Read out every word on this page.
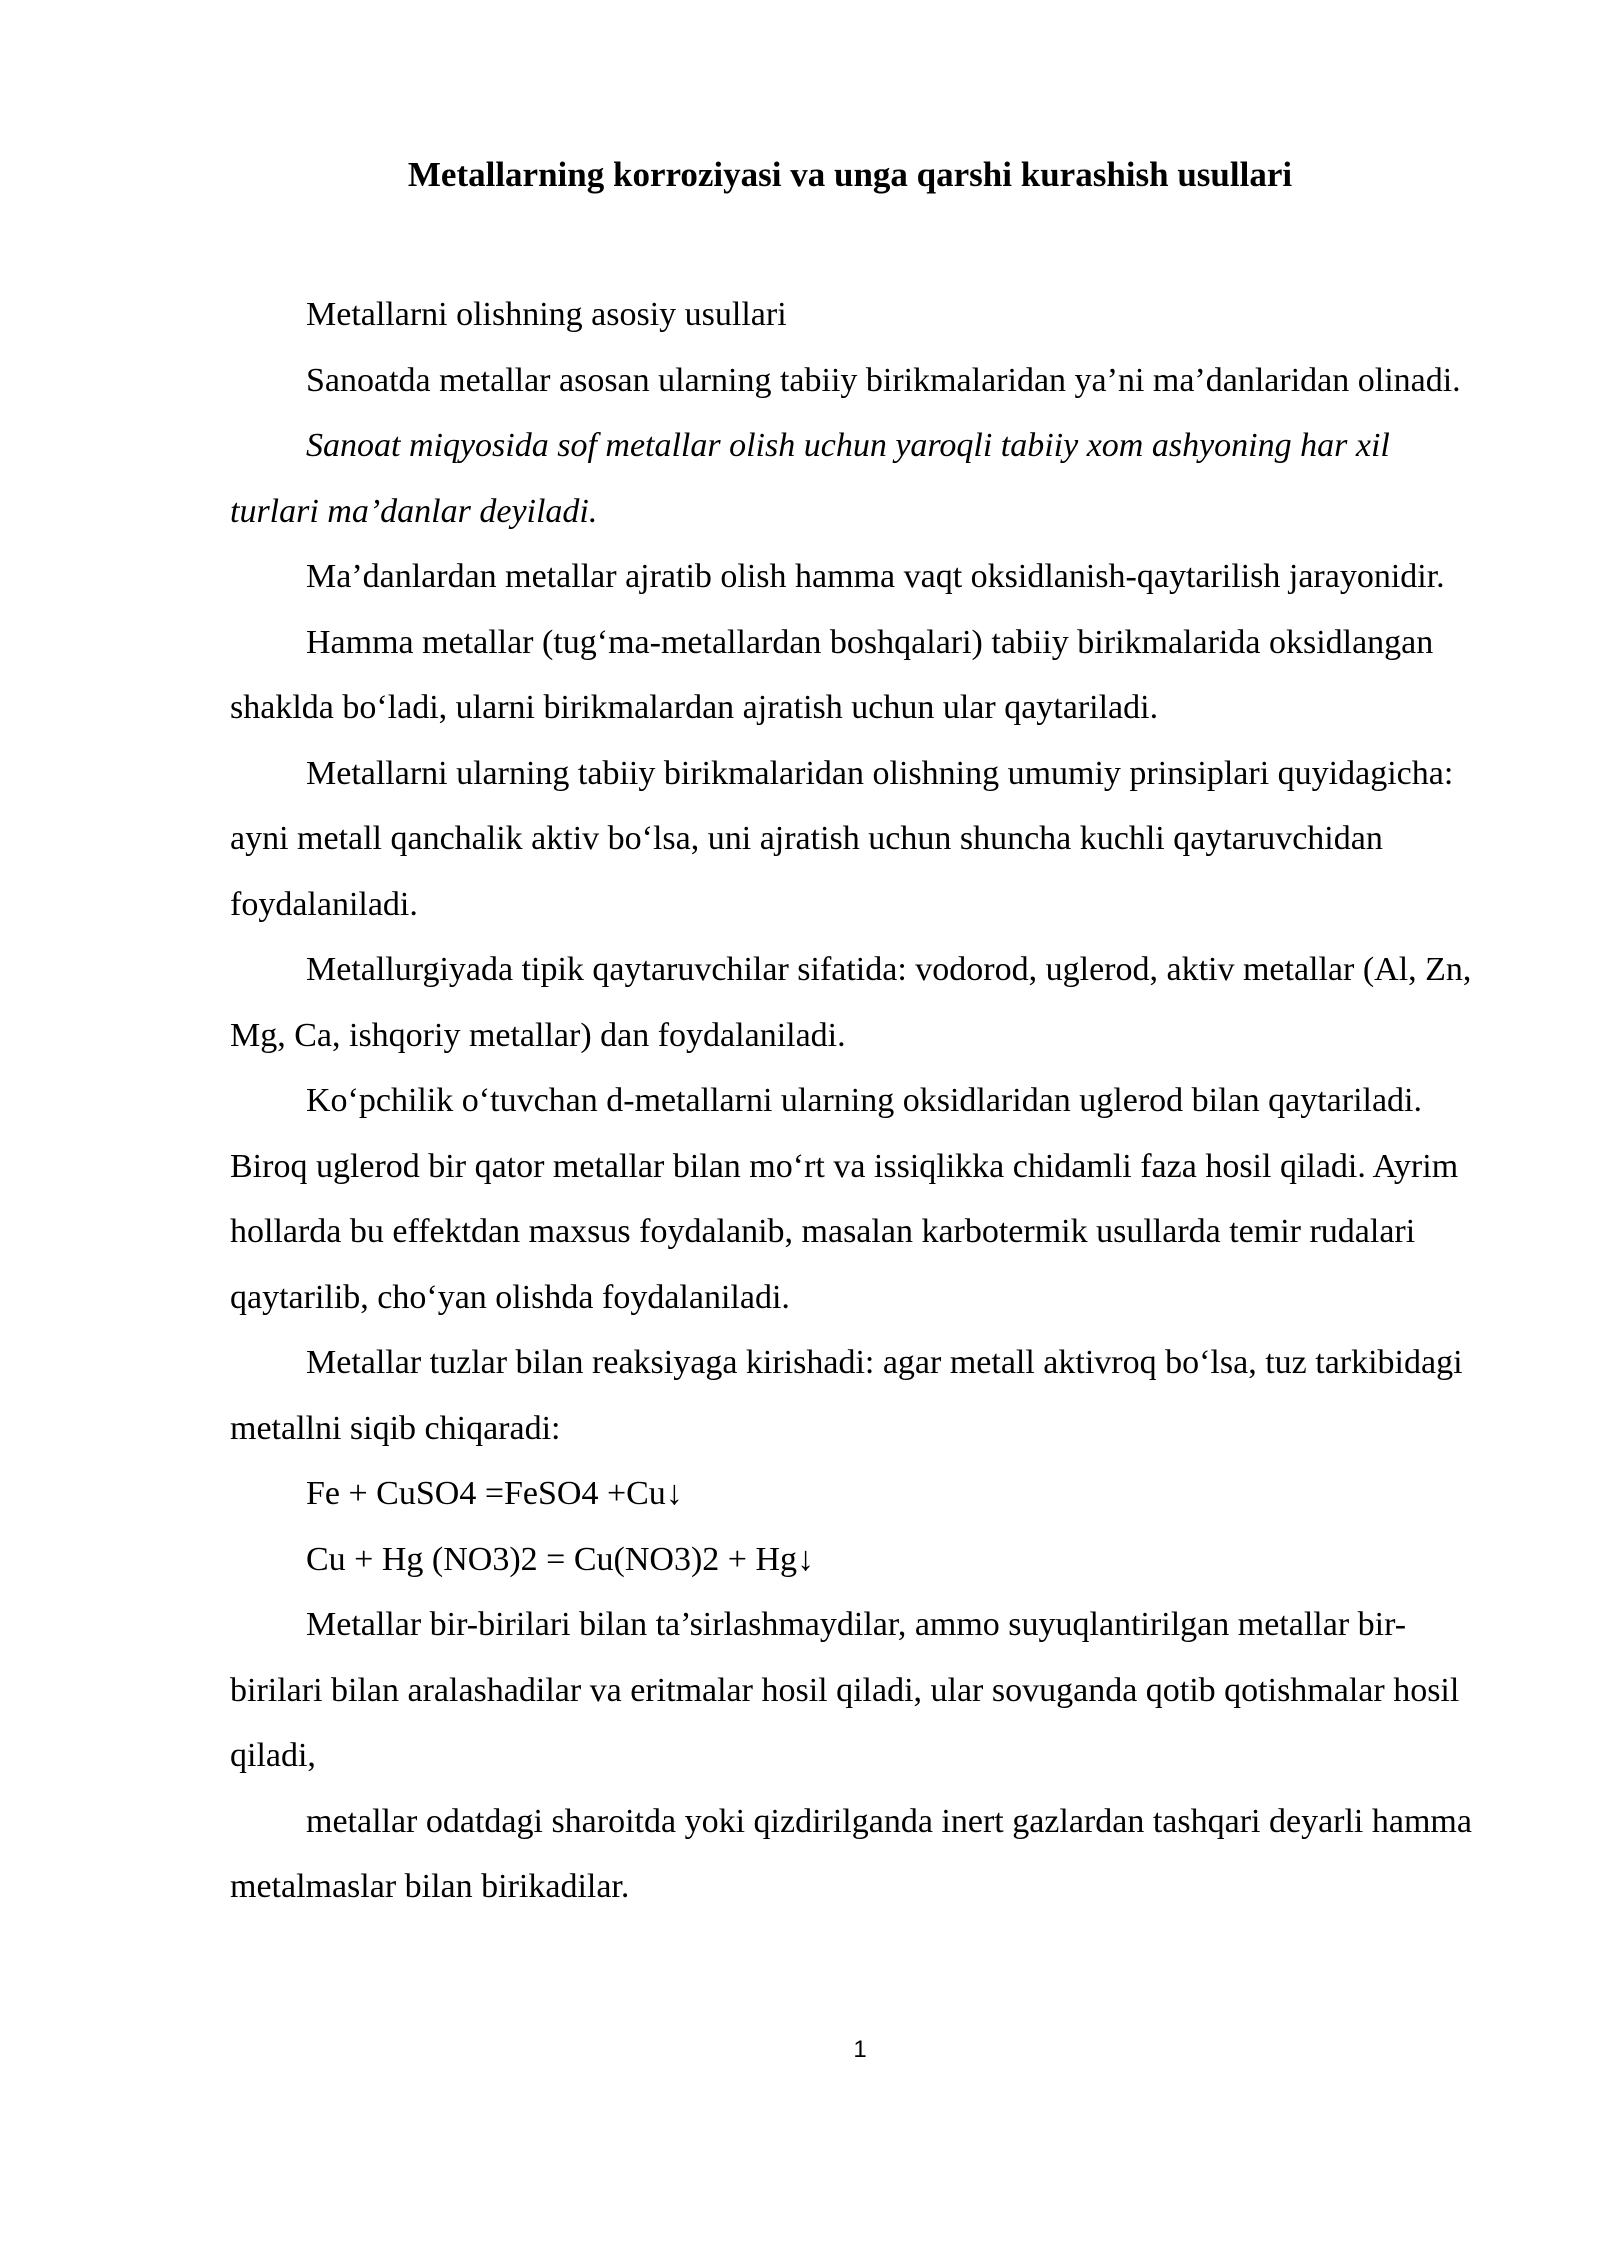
Metallarning korroziyasi va unga qarshi kurashish usullari

Metallarni olishning asosiy usullari

Sanoatda metallar asosan ularning tabiiy birikmalaridan ya’ni ma’danlaridan olinadi.

Sanoat miqyosida sof metallar olish uchun yaroqli tabiiy xom ashyoning har xil turlari ma’danlar deyiladi.

Ma’danlardan metallar ajratib olish hamma vaqt oksidlanish-qaytarilish jarayonidir.

Hamma metallar (tug‘ma-metallardan boshqalari) tabiiy birikmalarida oksidlangan shaklda bo‘ladi, ularni birikmalardan ajratish uchun ular qaytariladi.

Metallarni ularning tabiiy birikmalaridan olishning umumiy prinsiplari quyidagicha: ayni metall qanchalik aktiv bo‘lsa, uni ajratish uchun shuncha kuchli qaytaruvchidan foydalaniladi.

Metallurgiyada tipik qaytaruvchilar sifatida: vodorod, uglerod, aktiv metallar (Al, Zn, Mg, Ca, ishqoriy metallar) dan foydalaniladi.

Ko‘pchilik o‘tuvchan d-metallarni ularning oksidlaridan uglerod bilan qaytariladi. Biroq uglerod bir qator metallar bilan mo‘rt va issiqlikka chidamli faza hosil qiladi. Ayrim hollarda bu effektdan maxsus foydalanib, masalan karbotermik usullarda temir rudalari qaytarilib, cho‘yan olishda foydalaniladi.

Metallar tuzlar bilan reaksiyaga kirishadi: agar metall aktivroq bo‘lsa, tuz tarkibidagi metallni siqib chiqaradi:

Fe + CuSO4 =FeSO4 +Cu↓

Cu + Hg (NO3)2 = Cu(NO3)2 + Hg↓

Metallar bir-birilari bilan ta’sirlashmaydilar, ammo suyuqlantirilgan metallar bir-birilari bilan aralashadilar va eritmalar hosil qiladi, ular sovuganda qotib qotishmalar hosil qiladi,

metallar odatdagi sharoitda yoki qizdirilganda inert gazlardan tashqari deyarli hamma metalmaslar bilan birikadilar.

1
